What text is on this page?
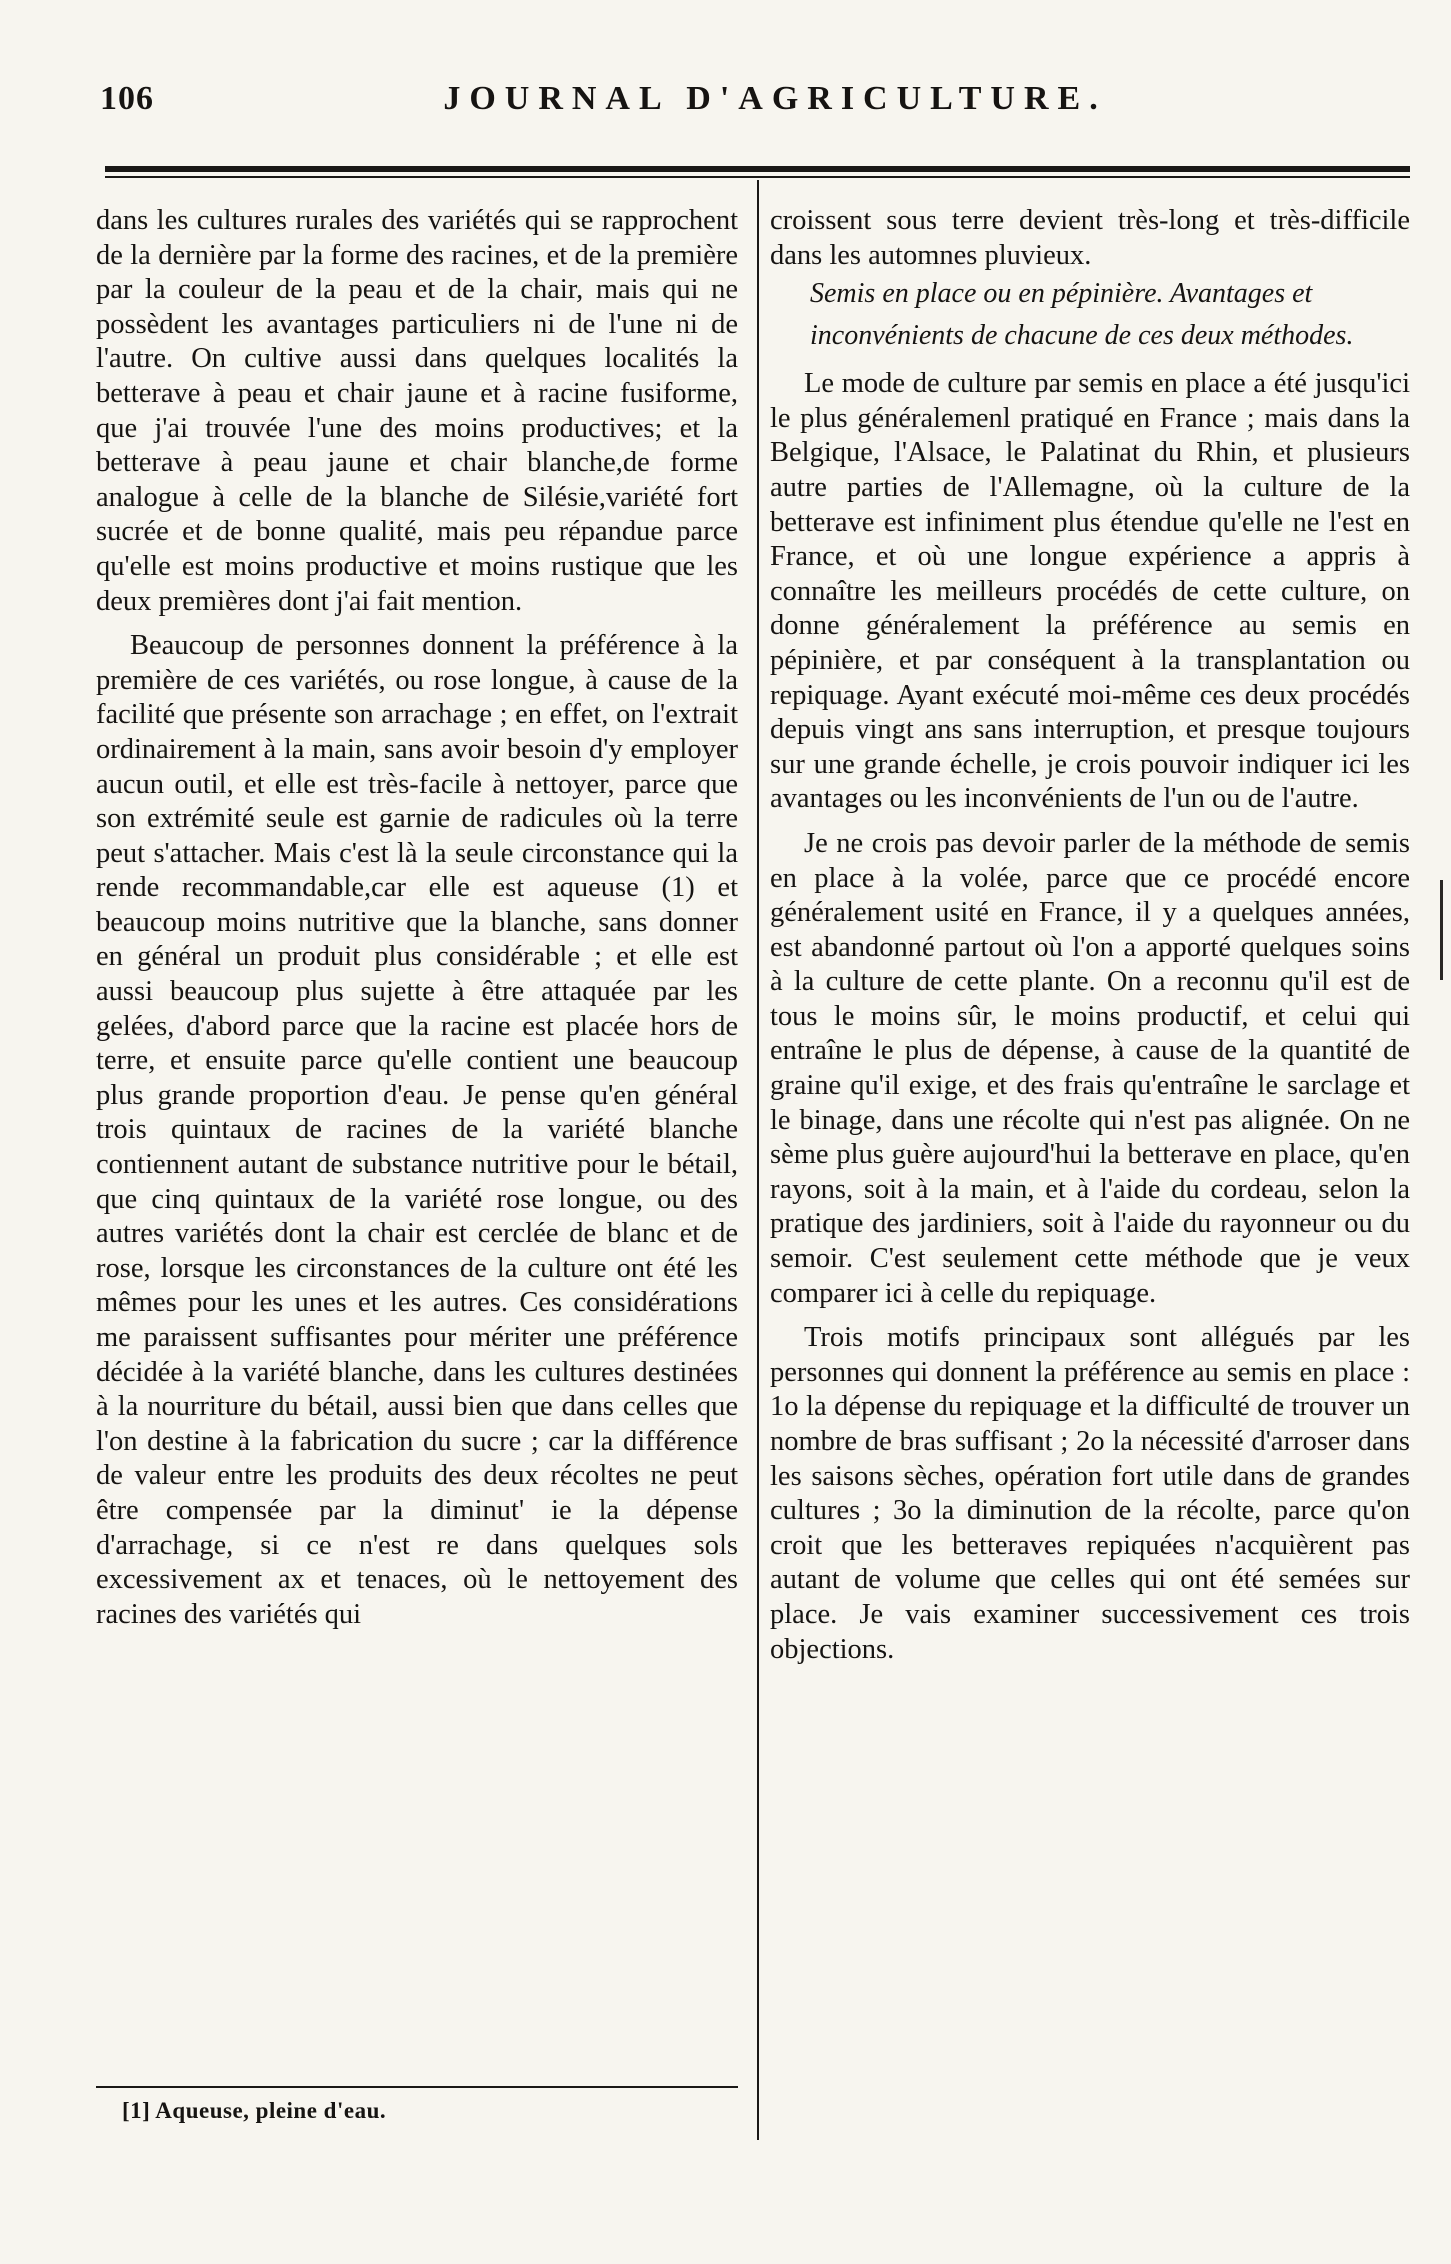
106	JOURNAL D'AGRICULTURE.

dans les cultures rurales des variétés qui se rapprochent de la dernière par la forme des racines, et de la première par la couleur de la peau et de la chair, mais qui ne possèdent les avantages particuliers ni de l'une ni de l'autre. On cultive aussi dans quelques localités la betterave à peau et chair jaune et à racine fusiforme, que j'ai trouvée l'une des moins productives; et la betterave à peau jaune et chair blanche,de forme analogue à celle de la blanche de Silésie,variété fort sucrée et de bonne qualité, mais peu répandue parce qu'elle est moins productive et moins rustique que les deux premières dont j'ai fait mention.

Beaucoup de personnes donnent la préférence à la première de ces variétés, ou rose longue, à cause de la facilité que présente son arrachage ; en effet, on l'extrait ordinairement à la main, sans avoir besoin d'y employer aucun outil, et elle est très-facile à nettoyer, parce que son extrémité seule est garnie de radicules où la terre peut s'attacher. Mais c'est là la seule circonstance qui la rende recommandable,car elle est aqueuse (1) et beaucoup moins nutritive que la blanche, sans donner en général un produit plus considérable ; et elle est aussi beaucoup plus sujette à être attaquée par les gelées, d'abord parce que la racine est placée hors de terre, et ensuite parce qu'elle contient une beaucoup plus grande proportion d'eau. Je pense qu'en général trois quintaux de racines de la variété blanche contiennent autant de substance nutritive pour le bétail, que cinq quintaux de la variété rose longue, ou des autres variétés dont la chair est cerclée de blanc et de rose, lorsque les circonstances de la culture ont été les mêmes pour les unes et les autres. Ces considérations me paraissent suffisantes pour mériter une préférence décidée à la variété blanche, dans les cultures destinées à la nourriture du bétail, aussi bien que dans celles que l'on destine à la fabrication du sucre ; car la différence de valeur entre les produits des deux récoltes ne peut être compensée par la diminut' ie la dépense d'arrachage, si ce n'est re dans quelques sols excessivement ax et tenaces, où le nettoyement des racines des variétés qui

croissent sous terre devient très-long et très-difficile dans les automnes pluvieux.

Semis en place ou en pépinière. Avantages et inconvénients de chacune de ces deux méthodes.

Le mode de culture par semis en place a été jusqu'ici le plus généralemenl pratiqué en France ; mais dans la Belgique, l'Alsace, le Palatinat du Rhin, et plusieurs autre parties de l'Allemagne, où la culture de la betterave est infiniment plus étendue qu'elle ne l'est en France, et où une longue expérience a appris à connaître les meilleurs procédés de cette culture, on donne généralement la préférence au semis en pépinière, et par conséquent à la transplantation ou repiquage. Ayant exécuté moi-même ces deux procédés depuis vingt ans sans interruption, et presque toujours sur une grande échelle, je crois pouvoir indiquer ici les avantages ou les inconvénients de l'un ou de l'autre.

Je ne crois pas devoir parler de la méthode de semis en place à la volée, parce que ce procédé encore généralement usité en France, il y a quelques années, est abandonné partout où l'on a apporté quelques soins à la culture de cette plante. On a reconnu qu'il est de tous le moins sûr, le moins productif, et celui qui entraîne le plus de dépense, à cause de la quantité de graine qu'il exige, et des frais qu'entraîne le sarclage et le binage, dans une récolte qui n'est pas alignée. On ne sème plus guère aujourd'hui la betterave en place, qu'en rayons, soit à la main, et à l'aide du cordeau, selon la pratique des jardiniers, soit à l'aide du rayonneur ou du semoir. C'est seulement cette méthode que je veux comparer ici à celle du repiquage.

Trois motifs principaux sont allégués par les personnes qui donnent la préférence au semis en place : 1o la dépense du repiquage et la difficulté de trouver un nombre de bras suffisant ; 2o la nécessité d'arroser dans les saisons sèches, opération fort utile dans de grandes cultures ; 3o la diminution de la récolte, parce qu'on croit que les betteraves repiquées n'acquièrent pas autant de volume que celles qui ont été semées sur place. Je vais examiner successivement ces trois objections.

[1] Aqueuse, pleine d'eau.
